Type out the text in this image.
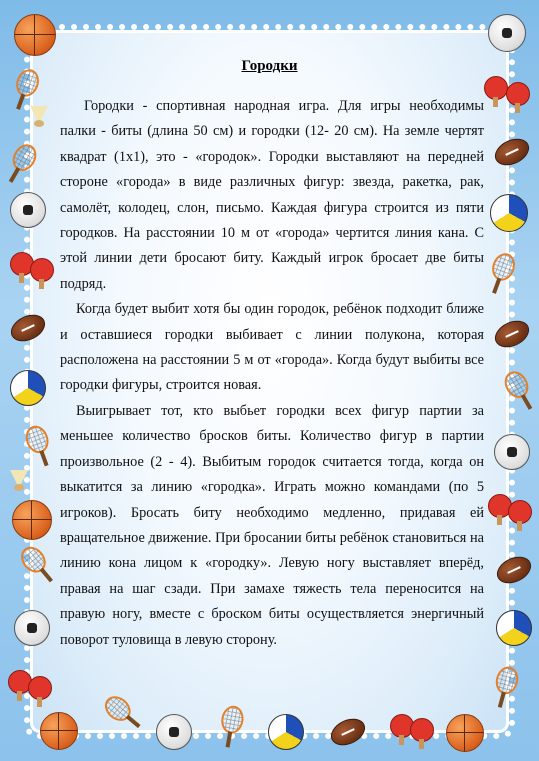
Городки

Городки - спортивная народная игра. Для игры необходимы палки - биты (длина 50 см) и городки (12- 20 см). На земле чертят квадрат (1х1), это - «городок». Городки выставляют на передней стороне «города» в виде различных фигур: звезда, ракетка, рак, самолёт, колодец, слон, письмо. Каждая фигура строится из пяти городков. На расстоянии 10 м от «города» чертится линия кана. С этой линии дети бросают биту. Каждый игрок бросает две биты подряд.

Когда будет выбит хотя бы один городок, ребёнок подходит ближе и оставшиеся городки выбивает с линии полукона, которая расположена на расстоянии 5 м от «города». Когда будут выбиты все городки фигуры, строится новая.

Выигрывает тот, кто выбьет городки всех фигур партии за меньшее количество бросков биты. Количество фигур в партии произвольное (2 - 4). Выбитым городок считается тогда, когда он выкатится за линию «городка». Играть можно командами (по 5 игроков). Бросать биту необходимо медленно, придавая ей вращательное движение. При бросании биты ребёнок становиться на линию кона лицом к «городку». Левую ногу выставляет вперёд, правая на шаг сзади. При замахе тяжесть тела переносится на правую ногу, вместе с броском биты осуществляется энергичный поворот туловища в левую сторону.
